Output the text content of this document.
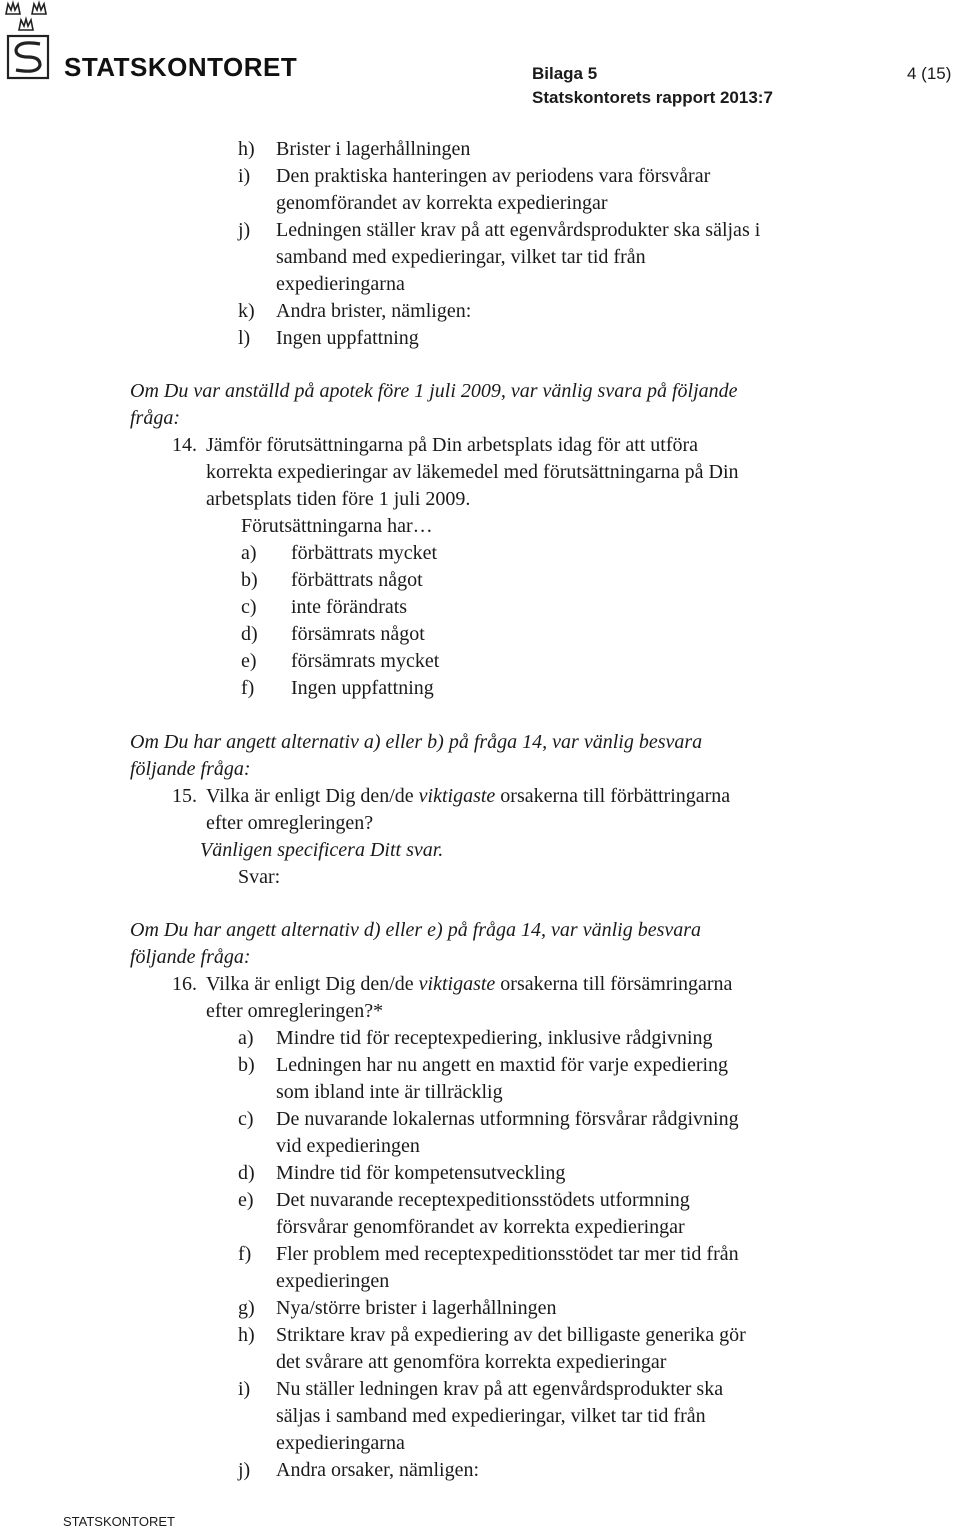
STATSKONTORET	Bilaga 5	4 (15)
Statskontorets rapport 2013:7
h) Brister i lagerhållningen
i) Den praktiska hanteringen av periodens vara försvårar
genomförandet av korrekta expedieringar
j) Ledningen ställer krav på att egenvårdsprodukter ska säljas i
samband med expedieringar, vilket tar tid från
expedieringarna
k) Andra brister, nämligen:
l) Ingen uppfattning
Om Du var anställd på apotek före 1 juli 2009, var vänlig svara på följande
fråga:
14. Jämför förutsättningarna på Din arbetsplats idag för att utföra
korrekta expedieringar av läkemedel med förutsättningarna på Din
arbetsplats tiden före 1 juli 2009.
Förutsättningarna har…
a) förbättrats mycket
b) förbättrats något
c) inte förändrats
d) försämrats något
e) försämrats mycket
f) Ingen uppfattning
Om Du har angett alternativ a) eller b) på fråga 14, var vänlig besvara
följande fråga:
15. Vilka är enligt Dig den/de viktigaste orsakerna till förbättringarna
efter omregleringen?
Vänligen specificera Ditt svar.
Svar:
Om Du har angett alternativ d) eller e) på fråga 14, var vänlig besvara
följande fråga:
16. Vilka är enligt Dig den/de viktigaste orsakerna till försämringarna
efter omregleringen?*
a) Mindre tid för receptexpediering, inklusive rådgivning
b) Ledningen har nu angett en maxtid för varje expediering
som ibland inte är tillräcklig
c) De nuvarande lokalernas utformning försvårar rådgivning
vid expedieringen
d) Mindre tid för kompetensutveckling
e) Det nuvarande receptexpeditionsstödets utformning
försvårar genomförandet av korrekta expedieringar
f) Fler problem med receptexpeditionsstödet tar mer tid från
expedieringen
g) Nya/större brister i lagerhållningen
h) Striktare krav på expediering av det billigaste generika gör
det svårare att genomföra korrekta expedieringar
i) Nu ställer ledningen krav på att egenvårdsprodukter ska
säljas i samband med expedieringar, vilket tar tid från
expedieringarna
j) Andra orsaker, nämligen:
STATSKONTORET
